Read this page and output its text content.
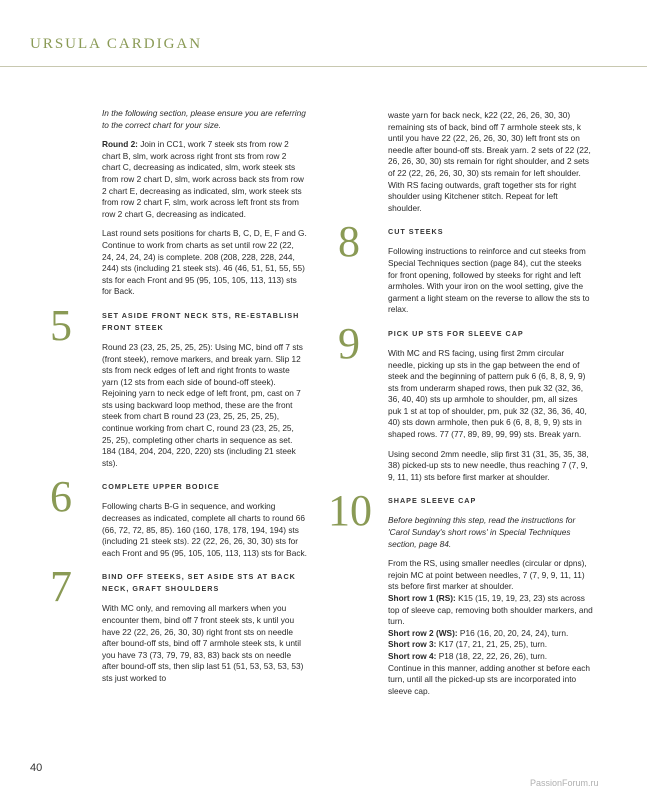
URSULA CARDIGAN

In the following section, please ensure you are referring to the correct chart for your size.

Round 2: Join in CC1, work 7 steek sts from row 2 chart B, slm, work across right front sts from row 2 chart C, decreasing as indicated, slm, work steek sts from row 2 chart D, slm, work across back sts from row 2 chart E, decreasing as indicated, slm, work steek sts from row 2 chart F, slm, work across left front sts from row 2 chart G, decreasing as indicated.

Last round sets positions for charts B, C, D, E, F and G. Continue to work from charts as set until row 22 (22, 24, 24, 24, 24) is complete. 208 (208, 228, 228, 244, 244) sts (including 21 steek sts). 46 (46, 51, 51, 55, 55) sts for each Front and 95 (95, 105, 105, 113, 113) sts for Back.

5	SET ASIDE FRONT NECK STS, RE-ESTABLISH FRONT STEEK

Round 23 (23, 25, 25, 25, 25): Using MC, bind off 7 sts (front steek), remove markers, and break yarn. Slip 12 sts from neck edges of left and right fronts to waste yarn (12 sts from each side of bound-off steek). Rejoining yarn to neck edge of left front, pm, cast on 7 sts using backward loop method, these are the front steek from chart B round 23 (23, 25, 25, 25, 25), continue working from chart C, round 23 (23, 25, 25, 25, 25), completing other charts in sequence as set. 184 (184, 204, 204, 220, 220) sts (including 21 steek sts).

6	COMPLETE UPPER BODICE

Following charts B-G in sequence, and working decreases as indicated, complete all charts to round 66 (66, 72, 72, 85, 85). 160 (160, 178, 178, 194, 194) sts (including 21 steek sts). 22 (22, 26, 26, 30, 30) sts for each Front and 95 (95, 105, 105, 113, 113) sts for Back.

7	BIND OFF STEEKS, SET ASIDE STS AT BACK NECK, GRAFT SHOULDERS

With MC only, and removing all markers when you encounter them, bind off 7 front steek sts, k until you have 22 (22, 26, 26, 30, 30) right front sts on needle after bound-off sts, bind off 7 armhole steek sts, k until you have 73 (73, 79, 79, 83, 83) back sts on needle after bound-off sts, then slip last 51 (51, 53, 53, 53, 53) sts just worked to

waste yarn for back neck, k22 (22, 26, 26, 30, 30) remaining sts of back, bind off 7 armhole steek sts, k until you have 22 (22, 26, 26, 30, 30) left front sts on needle after bound-off sts. Break yarn. 2 sets of 22 (22, 26, 26, 30, 30) sts remain for right shoulder, and 2 sets of 22 (22, 26, 26, 30, 30) sts remain for left shoulder. With RS facing outwards, graft together sts for right shoulder using Kitchener stitch. Repeat for left shoulder.

8	CUT STEEKS

Following instructions to reinforce and cut steeks from Special Techniques section (page 84), cut the steeks for front opening, followed by steeks for right and left armholes. With your iron on the wool setting, give the garment a light steam on the reverse to allow the sts to relax.

9	PICK UP STS FOR SLEEVE CAP

With MC and RS facing, using first 2mm circular needle, picking up sts in the gap between the end of steek and the beginning of pattern puk 6 (6, 8, 8, 9, 9) sts from underarm shaped rows, then puk 32 (32, 36, 36, 40, 40) sts up armhole to shoulder, pm, all sizes puk 1 st at top of shoulder, pm, puk 32 (32, 36, 36, 40, 40) sts down armhole, then puk 6 (6, 8, 8, 9, 9) sts in shaped rows. 77 (77, 89, 89, 99, 99) sts. Break yarn.

Using second 2mm needle, slip first 31 (31, 35, 35, 38, 38) picked-up sts to new needle, thus reaching 7 (7, 9, 9, 11, 11) sts before first marker at shoulder.

10 SHAPE SLEEVE CAP

Before beginning this step, read the instructions for 'Carol Sunday's short rows' in Special Techniques section, page 84.

From the RS, using smaller needles (circular or dpns), rejoin MC at point between needles, 7 (7, 9, 9, 11, 11) sts before first marker at shoulder.
Short row 1 (RS): K15 (15, 19, 19, 23, 23) sts across top of sleeve cap, removing both shoulder markers, and turn.
Short row 2 (WS): P16 (16, 20, 20, 24, 24), turn.
Short row 3: K17 (17, 21, 21, 25, 25), turn.
Short row 4: P18 (18, 22, 22, 26, 26), turn.
Continue in this manner, adding another st before each turn, until all the picked-up sts are incorporated into sleeve cap.

40
PassionForum.ru
